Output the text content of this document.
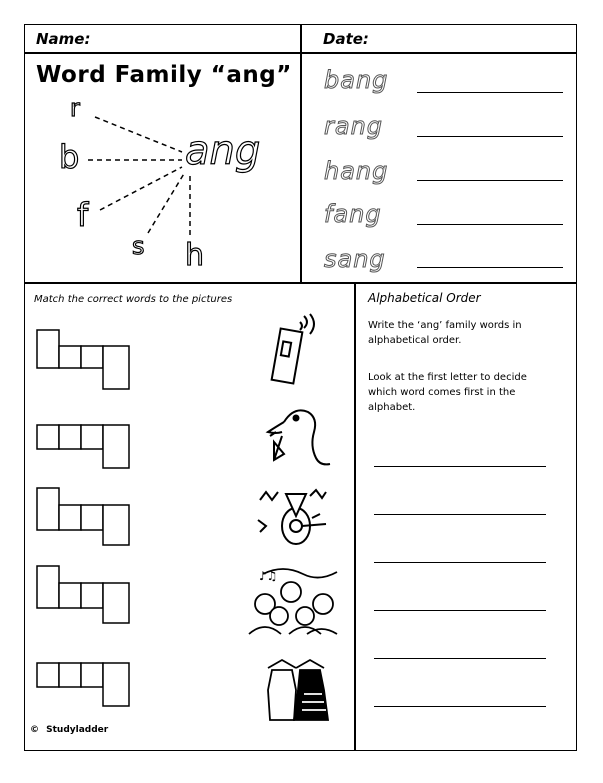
Name:	Date:
Word Family “ang”
ang
r
b
f
s h
bang
rang
hang
fang
sang
Match the correct words to the pictures
♪♫
Alphabetical Order
Write the ‘ang’ family words in alphabetical order.
Look at the first letter to decide which word comes first in the alphabet.
© Studyladder
